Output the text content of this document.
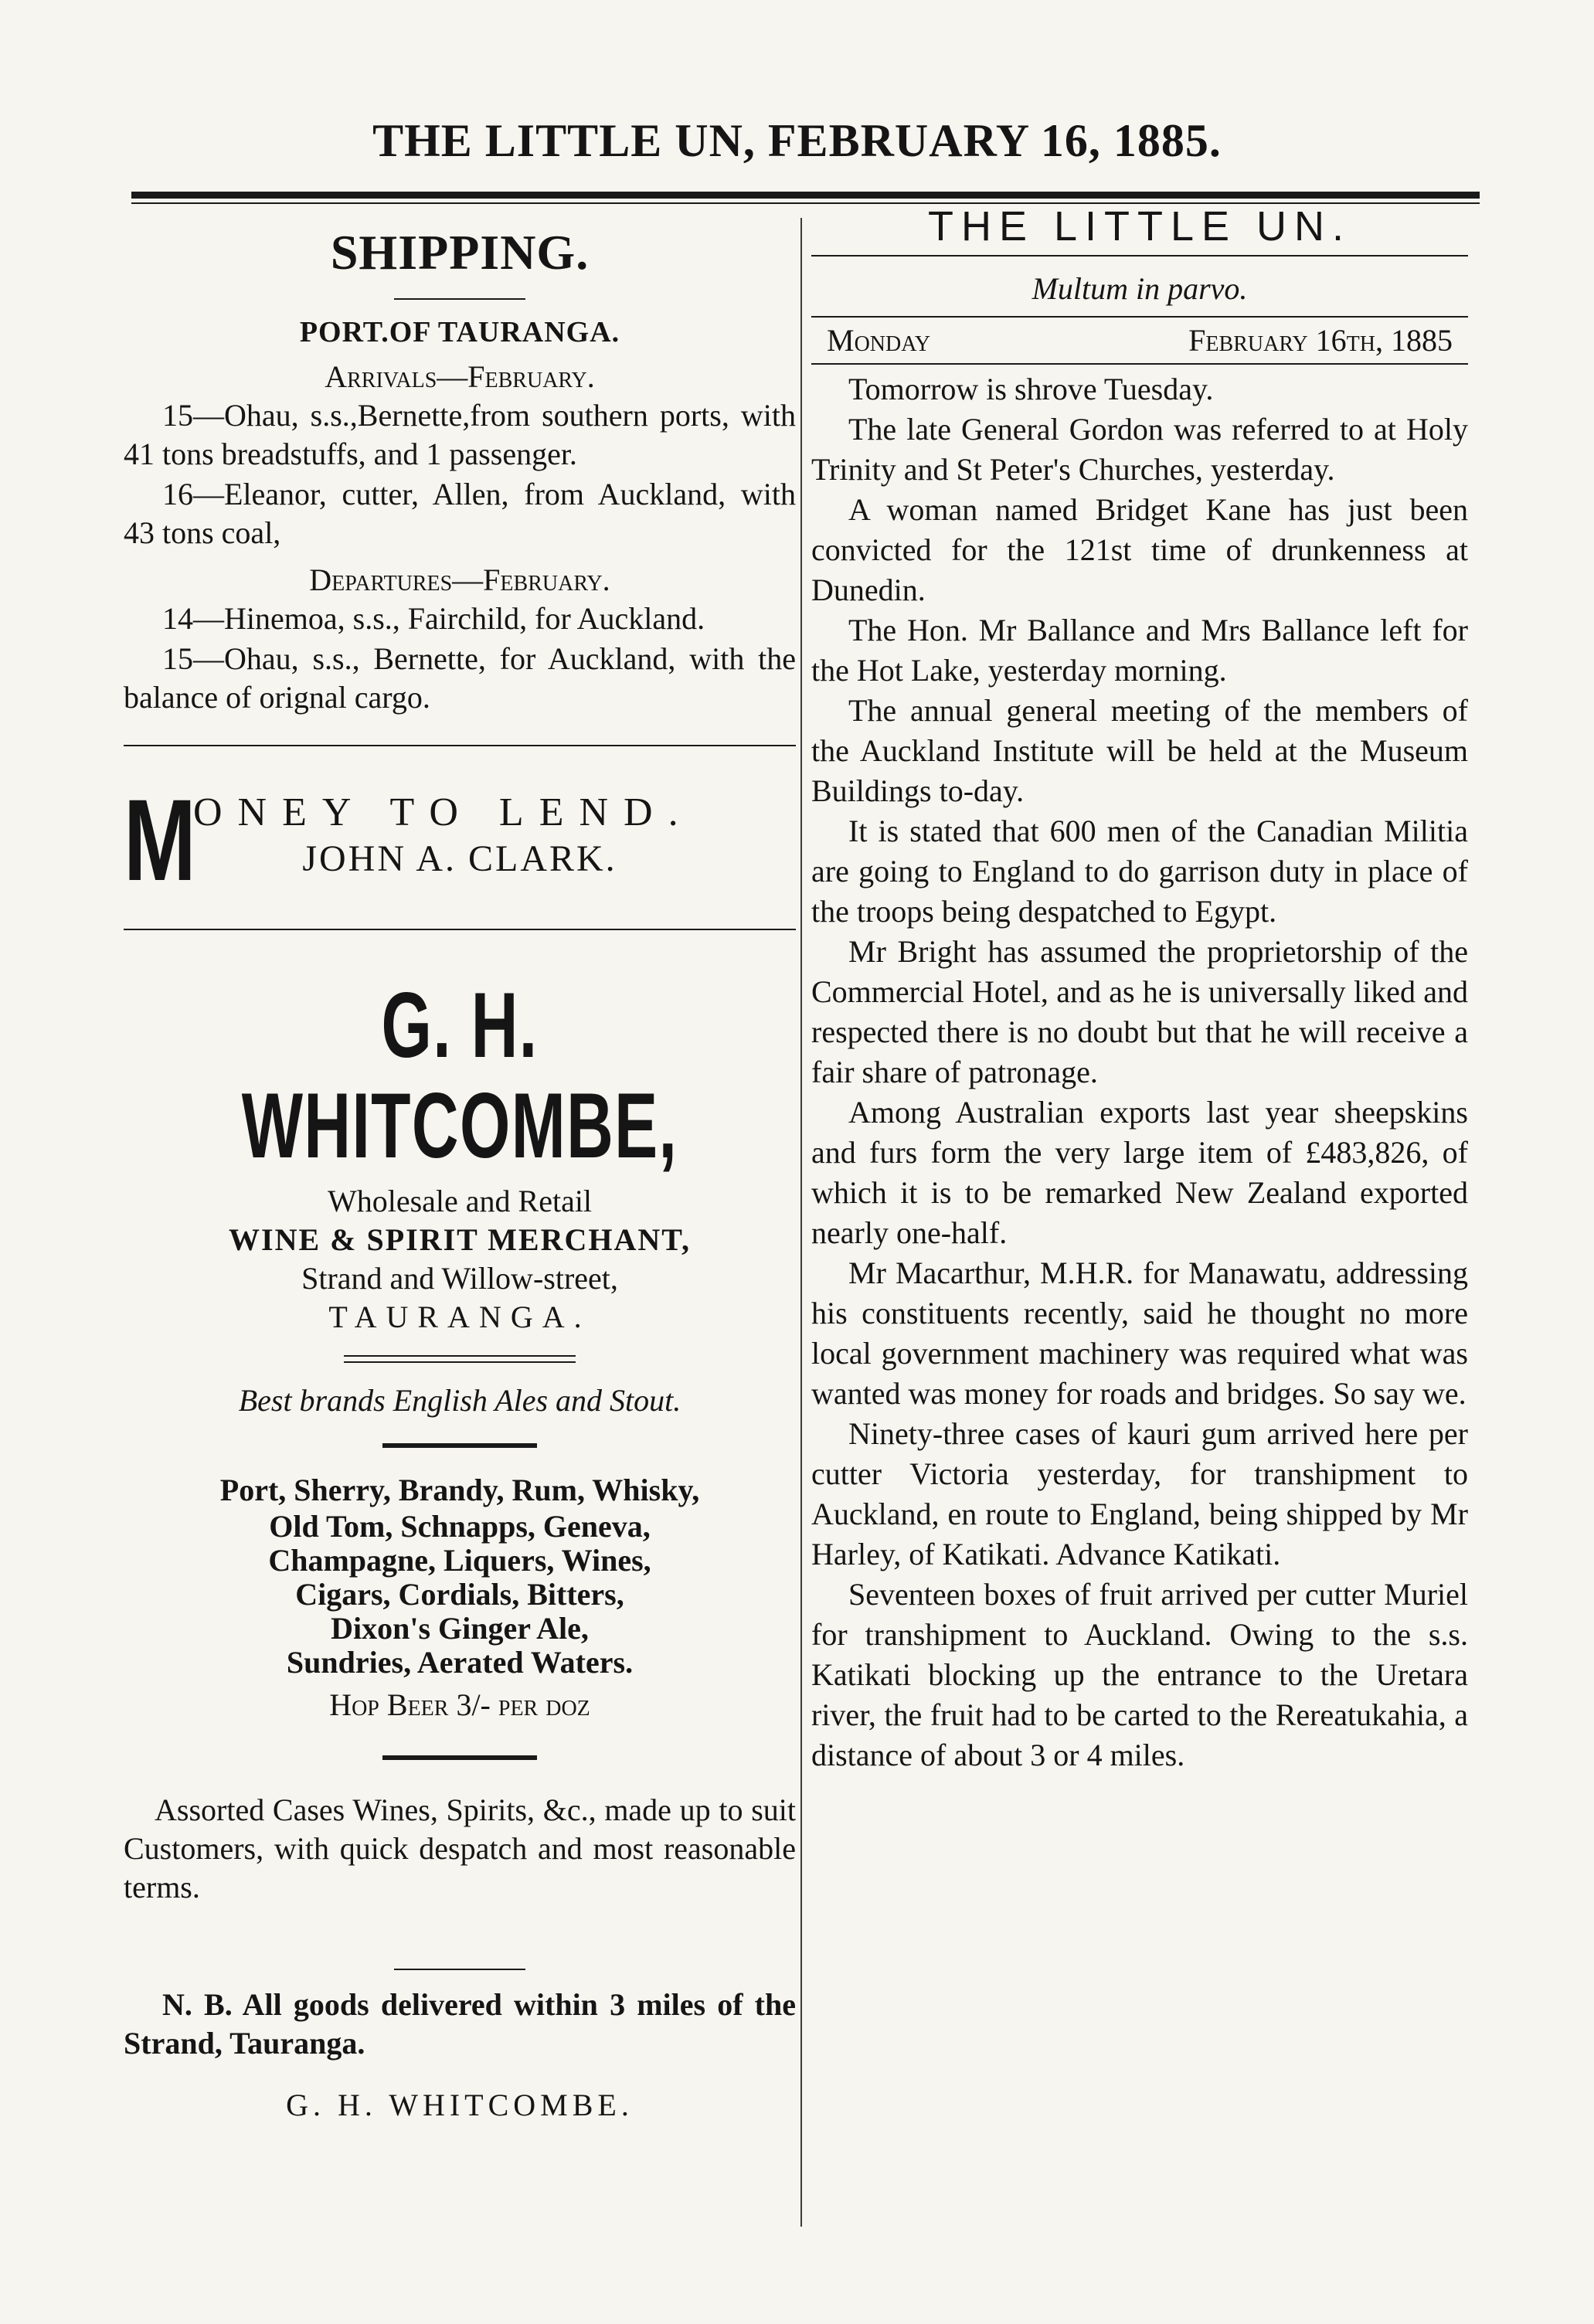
THE LITTLE UN, FEBRUARY 16, 1885.
SHIPPING.
PORT.OF TAURANGA.
Arrivals—February.

15—Ohau, s.s.,Bernette,from southern ports, with 41 tons breadstuffs, and 1 passenger.

16—Eleanor, cutter, Allen, from Auckland, with 43 tons coal,

Departures—February.

14—Hinemoa, s.s., Fairchild, for Auckland.

15—Ohau, s.s., Bernette, for Auckland, with the balance of orignal cargo.

M
ONEY TO LEND.
JOHN A. CLARK.
G. H. WHITCOMBE,
Wholesale and Retail
WINE & SPIRIT MERCHANT,
Strand and Willow-street,
TAURANGA.
Best brands English Ales and Stout.
Port, Sherry, Brandy, Rum, Whisky,
Old Tom, Schnapps, Geneva,
Champagne, Liquers, Wines,
Cigars, Cordials, Bitters,
Dixon's Ginger Ale,
Sundries, Aerated Waters.
Hop Beer 3/- per doz

Assorted Cases Wines, Spirits, &c., made up to suit Customers, with quick despatch and most reasonable terms.

N. B. All goods delivered within 3 miles of the Strand, Tauranga.

G. H. WHITCOMBE.
THE LITTLE UN.
Multum in parvo.
Monday	February 16th, 1885

Tomorrow is shrove Tuesday.

The late General Gordon was referred to at Holy Trinity and St Peter's Churches, yesterday.

A woman named Bridget Kane has just been convicted for the 121st time of drunkenness at Dunedin.

The Hon. Mr Ballance and Mrs Ballance left for the Hot Lake, yesterday morning.

The annual general meeting of the members of the Auckland Institute will be held at the Museum Buildings to-day.

It is stated that 600 men of the Canadian Militia are going to England to do garrison duty in place of the troops being despatched to Egypt.

Mr Bright has assumed the proprietorship of the Commercial Hotel, and as he is universally liked and respected there is no doubt but that he will receive a fair share of patronage.

Among Australian exports last year sheepskins and furs form the very large item of £483,826, of which it is to be remarked New Zealand exported nearly one-half.

Mr Macarthur, M.H.R. for Manawatu, addressing his constituents recently, said he thought no more local government machinery was required what was wanted was money for roads and bridges. So say we.

Ninety-three cases of kauri gum arrived here per cutter Victoria yesterday, for transhipment to Auckland, en route to England, being shipped by Mr Harley, of Katikati. Advance Katikati.

Seventeen boxes of fruit arrived per cutter Muriel for transhipment to Auckland. Owing to the s.s. Katikati blocking up the entrance to the Uretara river, the fruit had to be carted to the Rereatukahia, a distance of about 3 or 4 miles.
